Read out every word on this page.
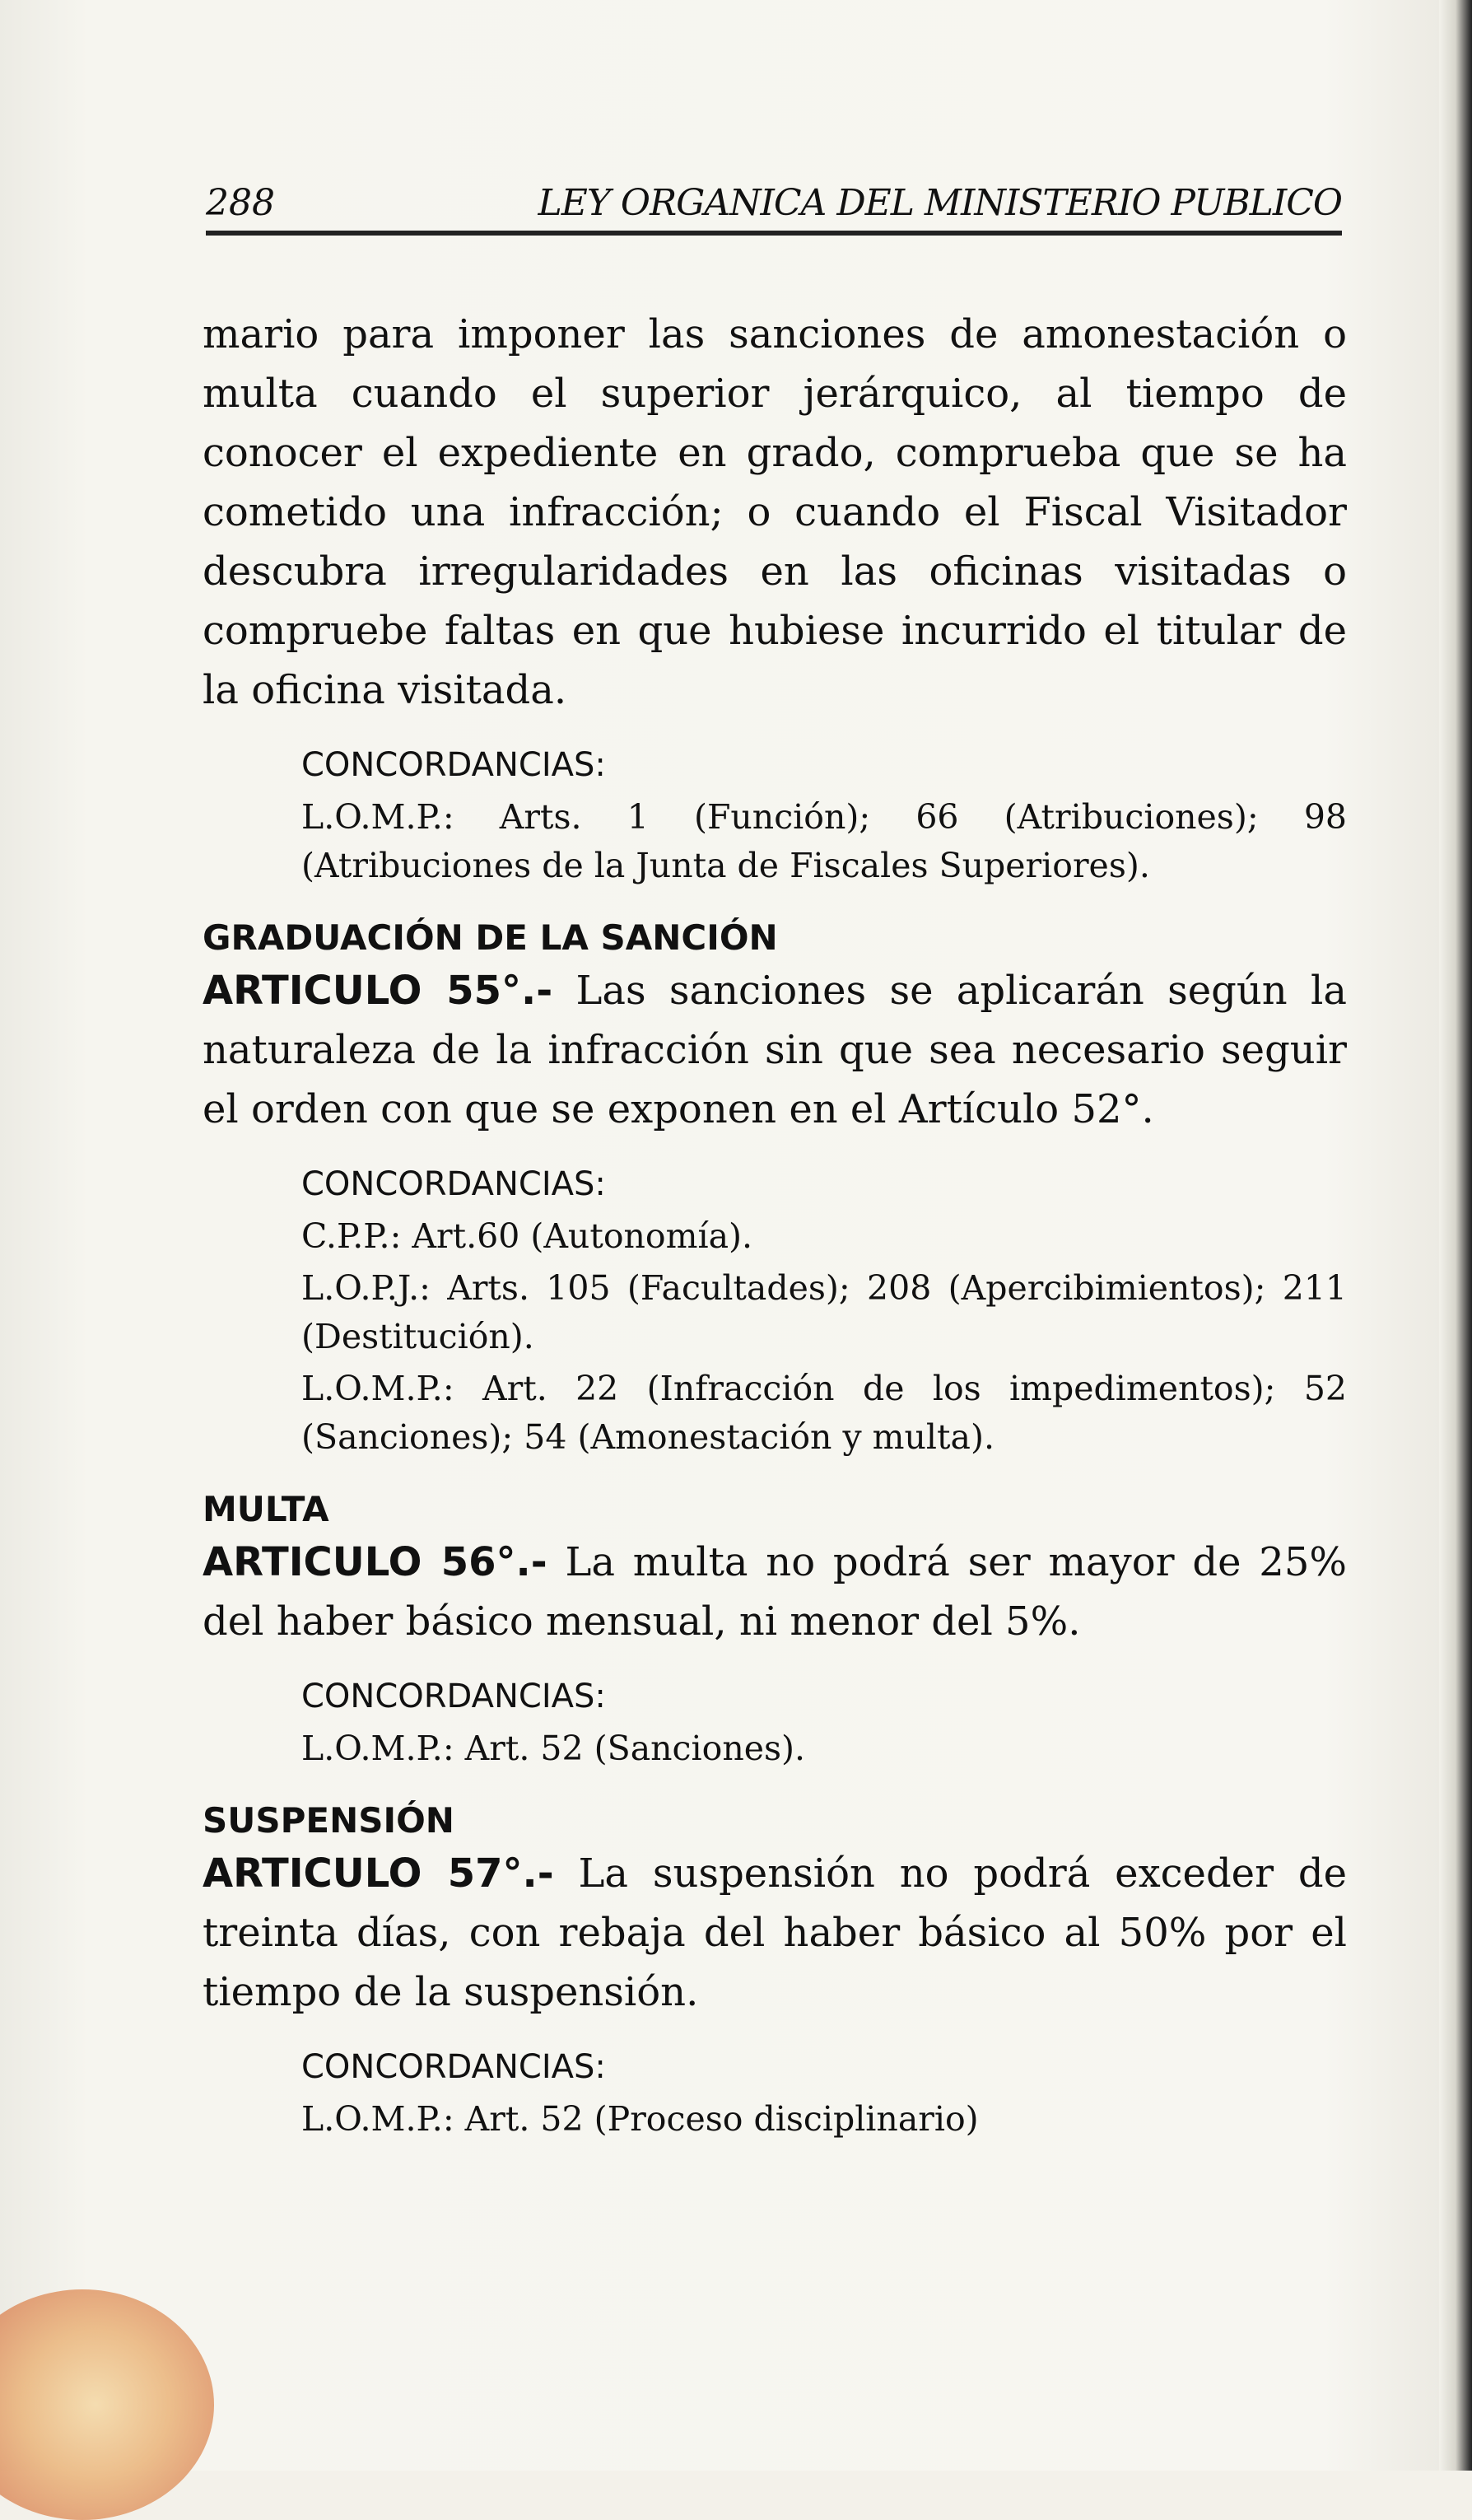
288	LEY ORGANICA DEL MINISTERIO PUBLICO

mario para imponer las sanciones de amonestación o multa cuando el superior jerárquico, al tiempo de conocer el expediente en grado, comprueba que se ha cometido una infracción; o cuando el Fiscal Visitador descubra irregularidades en las oficinas visitadas o compruebe faltas en que hubiese incurrido el titular de la oficina visitada.

CONCORDANCIAS:
L.O.M.P.: Arts. 1 (Función); 66 (Atribuciones); 98 (Atribuciones de la Junta de Fiscales Superiores).
GRADUACIÓN DE LA SANCIÓN

ARTICULO 55°.- Las sanciones se aplicarán según la naturaleza de la infracción sin que sea necesario seguir el orden con que se exponen en el Artículo 52°.

CONCORDANCIAS:
C.P.P.: Art.60 (Autonomía).
L.O.P.J.: Arts. 105 (Facultades); 208 (Apercibimientos); 211 (Destitución).
L.O.M.P.: Art. 22 (Infracción de los impedimentos); 52 (Sanciones); 54 (Amonestación y multa).
MULTA

ARTICULO 56°.- La multa no podrá ser mayor de 25% del haber básico mensual, ni menor del 5%.

CONCORDANCIAS:
L.O.M.P.: Art. 52 (Sanciones).
SUSPENSIÓN

ARTICULO 57°.- La suspensión no podrá exceder de treinta días, con rebaja del haber básico al 50% por el tiempo de la suspensión.

CONCORDANCIAS:
L.O.M.P.: Art. 52 (Proceso disciplinario)
